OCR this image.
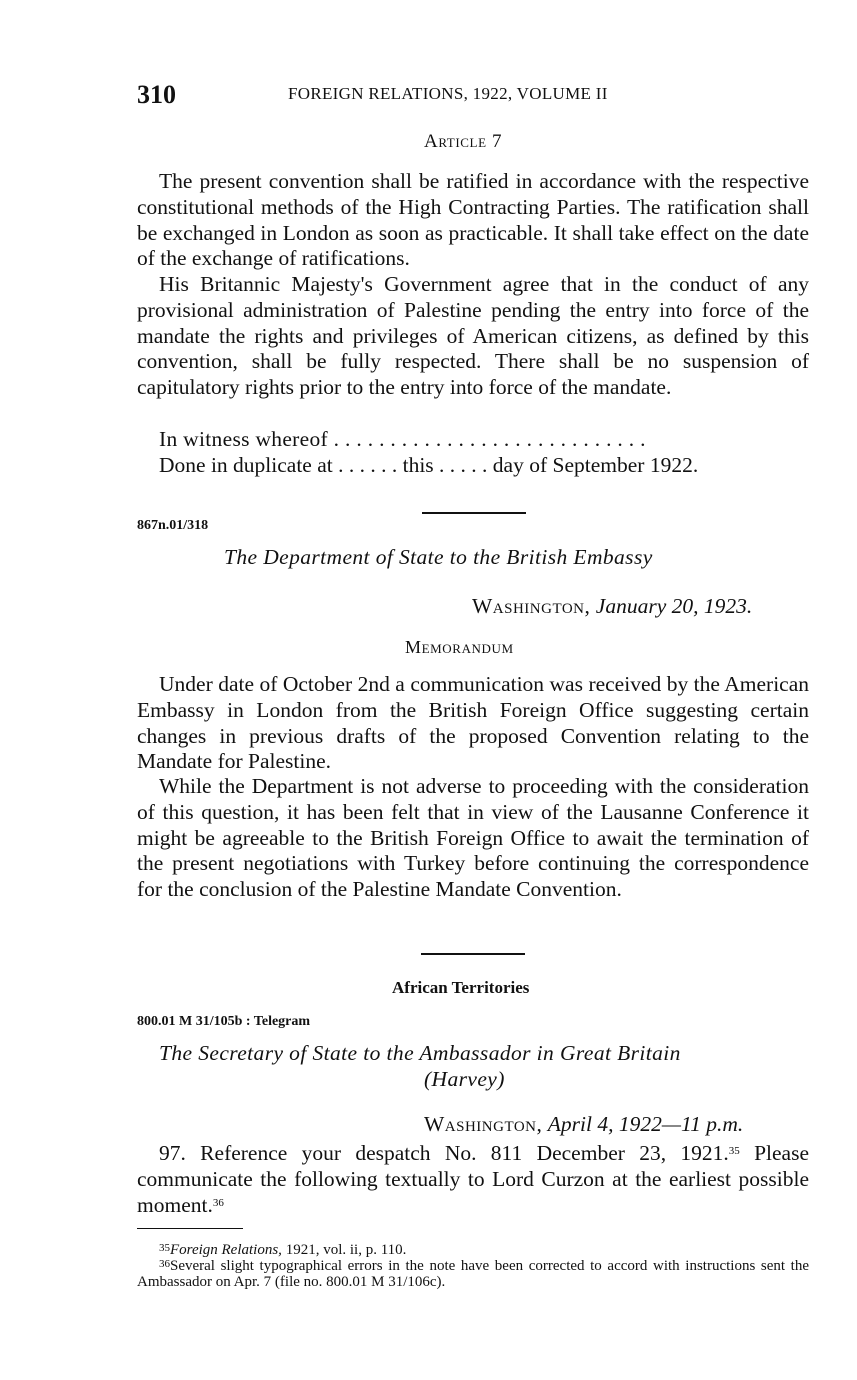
310	FOREIGN RELATIONS, 1922, VOLUME II
Article 7
The present convention shall be ratified in accordance with the respective constitutional methods of the High Contracting Parties. The ratification shall be exchanged in London as soon as practicable. It shall take effect on the date of the exchange of ratifications.
His Britannic Majesty's Government agree that in the conduct of any provisional administration of Palestine pending the entry into force of the mandate the rights and privileges of American citizens, as defined by this convention, shall be fully respected. There shall be no suspension of capitulatory rights prior to the entry into force of the mandate.
In witness whereof . . . . . . . . . . . . . . . . . . . . . . . . . . . .
Done in duplicate at . . . . . . this . . . . . day of September 1922.
867n.01/318
The Department of State to the British Embassy
Washington, January 20, 1923.
Memorandum
Under date of October 2nd a communication was received by the American Embassy in London from the British Foreign Office suggesting certain changes in previous drafts of the proposed Convention relating to the Mandate for Palestine.
While the Department is not adverse to proceeding with the consideration of this question, it has been felt that in view of the Lausanne Conference it might be agreeable to the British Foreign Office to await the termination of the present negotiations with Turkey before continuing the correspondence for the conclusion of the Palestine Mandate Convention.
African Territories
800.01 M 31/105b : Telegram
The Secretary of State to the Ambassador in Great Britain
(Harvey)
Washington, April 4, 1922—11 p.m.
97. Reference your despatch No. 811 December 23, 1921.35 Please communicate the following textually to Lord Curzon at the earliest possible moment.$^{36}$
$^{35}$Foreign Relations, 1921, vol. ii, p. 110.
$^{36}$Several slight typographical errors in the note have been corrected to accord with instructions sent the Ambassador on Apr. 7 (file no. 800.01 M 31/106c).
